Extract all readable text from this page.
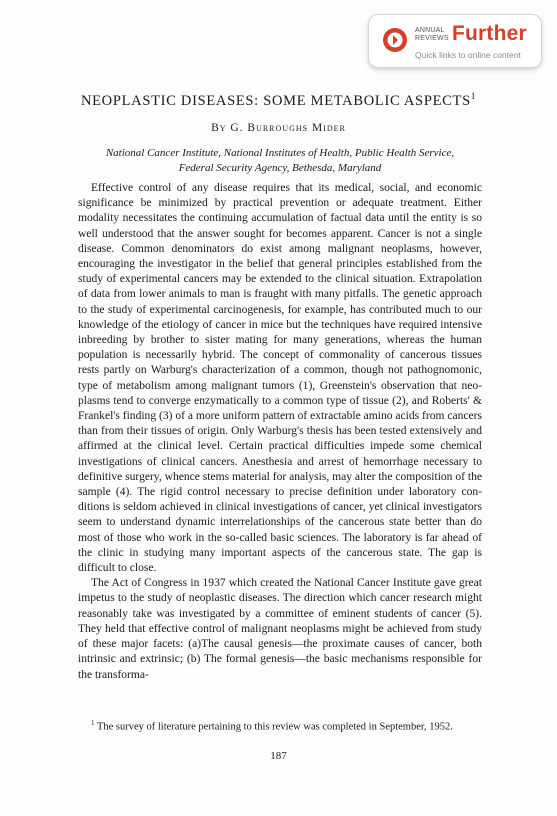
ANNUAL
REVIEWS Further
Quick links to online content
NEOPLASTIC DISEASES: SOME METABOLIC ASPECTS$^1$

By G. Burroughs Mider

National Cancer Institute, National Institutes of Health, Public Health Service,
Federal Security Agency, Bethesda, Maryland

Effective control of any disease requires that its medical, social, and economic significance be minimized by practical prevention or adequate treatment. Either modality necessitates the continuing accumulation of factual data until the entity is so well understood that the answer sought for becomes apparent. Cancer is not a single disease. Common denominators do exist among malignant neoplasms, however, encouraging the investigator in the belief that general principles established from the study of experimental cancers may be extended to the clinical situation. Extrapolation of data from lower animals to man is fraught with many pitfalls. The genetic approach to the study of experimental carcinogenesis, for example, has contributed much to our knowledge of the etiology of cancer in mice but the techniques have required intensive inbreeding by brother to sister mating for many generations, whereas the human population is necessarily hybrid. The concept of commonality of cancerous tissues rests partly on Warburg's characterization of a common, though not pathognomonic, type of metabolism among malignant tumors (1), Greenstein's observation that neoplasms tend to converge enzymatically to a common type of tissue (2), and Roberts' & Frankel's finding (3) of a more uniform pattern of extractable amino acids from cancers than from their tissues of origin. Only Warburg's thesis has been tested extensively and affirmed at the clinical level. Certain practical difficulties impede some chemical investigations of clinical cancers. Anesthesia and arrest of hemorrhage necessary to definitive surgery, whence stems material for analysis, may alter the composition of the sample (4). The rigid control necessary to precise definition under laboratory conditions is seldom achieved in clinical investigations of cancer, yet clinical investigators seem to understand dynamic interrelationships of the cancerous state better than do most of those who work in the so-called basic sciences. The laboratory is far ahead of the clinic in studying many important aspects of the cancerous state. The gap is difficult to close.

The Act of Congress in 1937 which created the National Cancer Institute gave great impetus to the study of neoplastic diseases. The direction which cancer research might reasonably take was investigated by a committee of eminent students of cancer (5). They held that effective control of malignant neoplasms might be achieved from study of these major facets: (a)The causal genesis—the proximate causes of cancer, both intrinsic and extrinsic; (b) The formal genesis—the basic mechanisms responsible for the transforma-

$^1$ The survey of literature pertaining to this review was completed in September, 1952.

187
